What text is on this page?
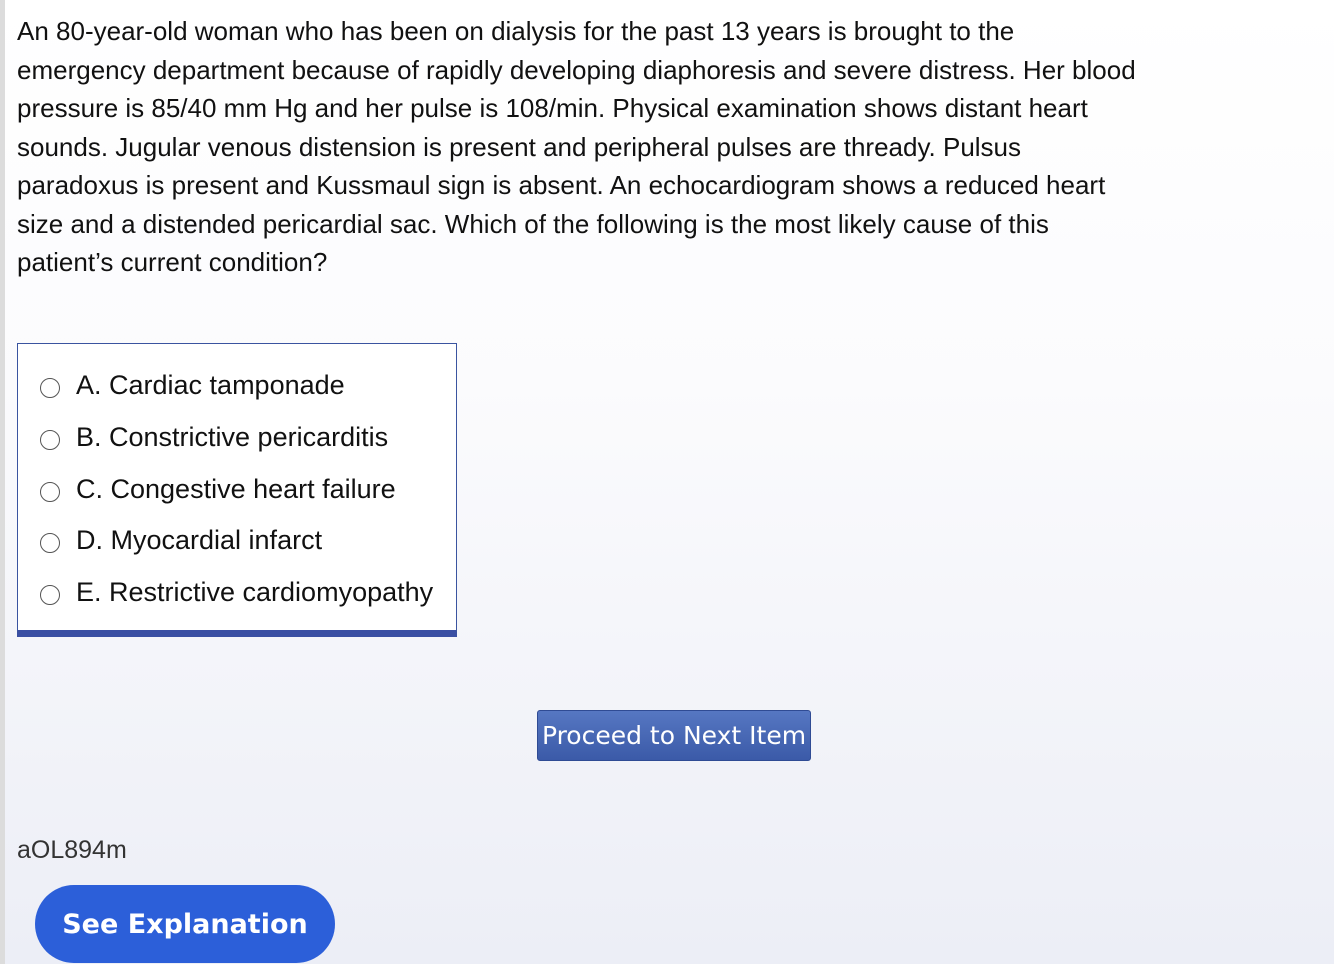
An 80-year-old woman who has been on dialysis for the past 13 years is brought to the emergency department because of rapidly developing diaphoresis and severe distress. Her blood pressure is 85/40 mm Hg and her pulse is 108/min. Physical examination shows distant heart sounds. Jugular venous distension is present and peripheral pulses are thready. Pulsus paradoxus is present and Kussmaul sign is absent. An echocardiogram shows a reduced heart size and a distended pericardial sac. Which of the following is the most likely cause of this patient’s current condition?

A. Cardiac tamponade
B. Constrictive pericarditis
C. Congestive heart failure
D. Myocardial infarct
E. Restrictive cardiomyopathy
Proceed to Next Item
aOL894m
See Explanation
